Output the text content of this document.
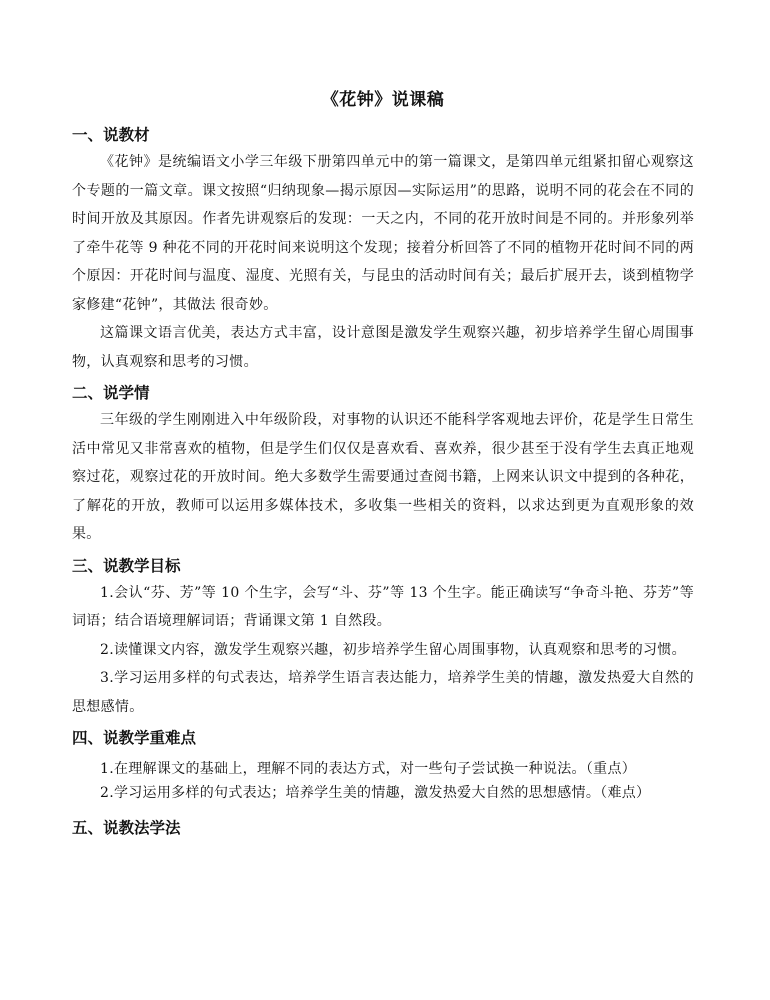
《花钟》说课稿
一、说教材

《花钟》是统编语文小学三年级下册第四单元中的第一篇课文，是第四单元组紧扣留心观察这个专题的一篇文章。课文按照“归纳现象—揭示原因—实际运用”的思路，说明不同的花会在不同的时间开放及其原因。作者先讲观察后的发现：一天之内，不同的花开放时间是不同的。并形象列举了牵牛花等 9 种花不同的开花时间来说明这个发现；接着分析回答了不同的植物开花时间不同的两个原因：开花时间与温度、湿度、光照有关，与昆虫的活动时间有关；最后扩展开去，谈到植物学家修建“花钟”，其做法 很奇妙。

这篇课文语言优美，表达方式丰富，设计意图是激发学生观察兴趣，初步培养学生留心周围事物，认真观察和思考的习惯。

二、说学情

三年级的学生刚刚进入中年级阶段，对事物的认识还不能科学客观地去评价，花是学生日常生活中常见又非常喜欢的植物，但是学生们仅仅是喜欢看、喜欢养，很少甚至于没有学生去真正地观察过花，观察过花的开放时间。绝大多数学生需要通过查阅书籍，上网来认识文中提到的各种花，了解花的开放，教师可以运用多媒体技术，多收集一些相关的资料，以求达到更为直观形象的效果。

三、说教学目标

1.会认“芬、芳”等 10 个生字，会写“斗、芬”等 13 个生字。能正确读写“争奇斗艳、芬芳”等词语；结合语境理解词语；背诵课文第 1 自然段。

2.读懂课文内容，激发学生观察兴趣，初步培养学生留心周围事物，认真观察和思考的习惯。

3.学习运用多样的句式表达，培养学生语言表达能力，培养学生美的情趣，激发热爱大自然的思想感情。

四、说教学重难点

1.在理解课文的基础上，理解不同的表达方式，对一些句子尝试换一种说法。（重点）

2.学习运用多样的句式表达；培养学生美的情趣，激发热爱大自然的思想感情。（难点）

五、说教法学法
